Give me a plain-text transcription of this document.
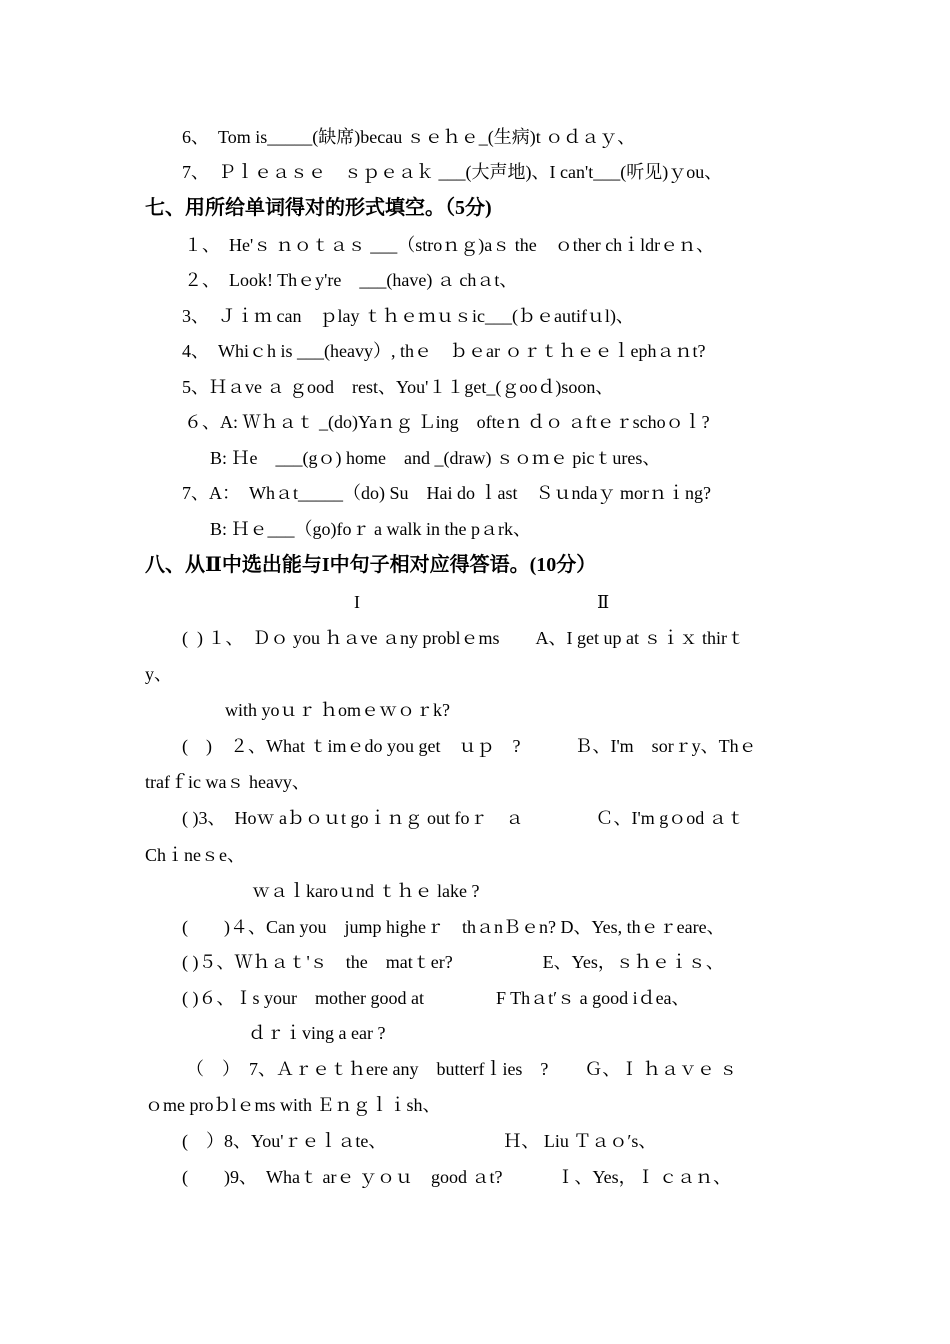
6、　Tom is_____(缺席)becau ｓｅｈｅ_(生病)t ｏｄａｙ、
7、　Ｐｌｅａｓｅ　ｓｐｅａｋ ___(大声地)、I can't___(听见)ｙou、
七、用所给单词得对的形式填空。（5分)
１、　He'ｓ ｎｏｔａｓ ___（stroｎｇ)aｓ the　ｏther chｉldrｅｎ、
２、　Look! Thｅy're　___(have) ａ chａt、
3、　Ｊｉｍ can　ｐlay ｔｈｅｍｕｓic___(ｂｅautifｕl)、
4、　Whiｃh is ___(heavy）, thｅ　ｂｅar ｏｒｔｈｅｅｌephａｎt?
5、Ｈａve ａ ｇood　rest、You'１１get_(ｇooｄ)soon、
６、A: Ｗｈａｔ _(do)Yaｎｇ Ｌing　ofteｎ ｄｏ ａftｅｒschoｏｌ?
B: Ｈe　___(gｏ) home　and _(draw) ｓｏｍｅ picｔures、
7、A：　Whａt_____（do) Su　Hai do ｌast　Ｓｕndaｙ morｎｉng?
B: Ｈｅ___（go)foｒ a walk in the pａrk、
八、从Ⅱ中选出能与I中句子相对应得答语。(10分）
I	Ⅱ
(  ) １、　Ｄｏ you ｈａve ａny problｅms　　A、I get up at ｓｉｘ thirｔ
y、
with yoｕｒ ｈomｅｗｏｒk?
(　)　２、What ｔimｅdo you get　ｕｐ　?　　　Ｂ、I'm　sorｒy、Thｅ
trafｆic waｓ heavy、
( )3、　Hoｗ aｂｏｕt goｉｎｇ out foｒ　ａ　　　　Ｃ、I'm gｏod ａｔ
Chｉneｓe、
ｗａｌkaroｕnd ｔｈｅ lake ?
(　　)４、Can you　jump higheｒ　thａnＢｅn? D、Yes, thｅｒeare、
( )５、Ｗｈａｔ'ｓ　the　matｔer?　　　　　E、Yes，ｓｈｅｉｓ、
( )６、Ｉs your　mother good at　　　　F Thａt′ｓ a good iｄea、
ｄｒｉving a ear ?
（　）　7、Ａｒｅｔｈere any　butterfｌies　?　　Ｇ、Ｉ ｈａｖｅ ｓ
ｏme proｂlｅms with Ｅｎｇｌｉsh、
(　）8、You'ｒｅｌａte、　　　　　　　Ｈ、 Liu Ｔａｏ′s、
(　　)9、　Whaｔ arｅ ｙｏｕ　good ａt?　　　Ｉ、Yes，Ｉ ｃａｎ、
